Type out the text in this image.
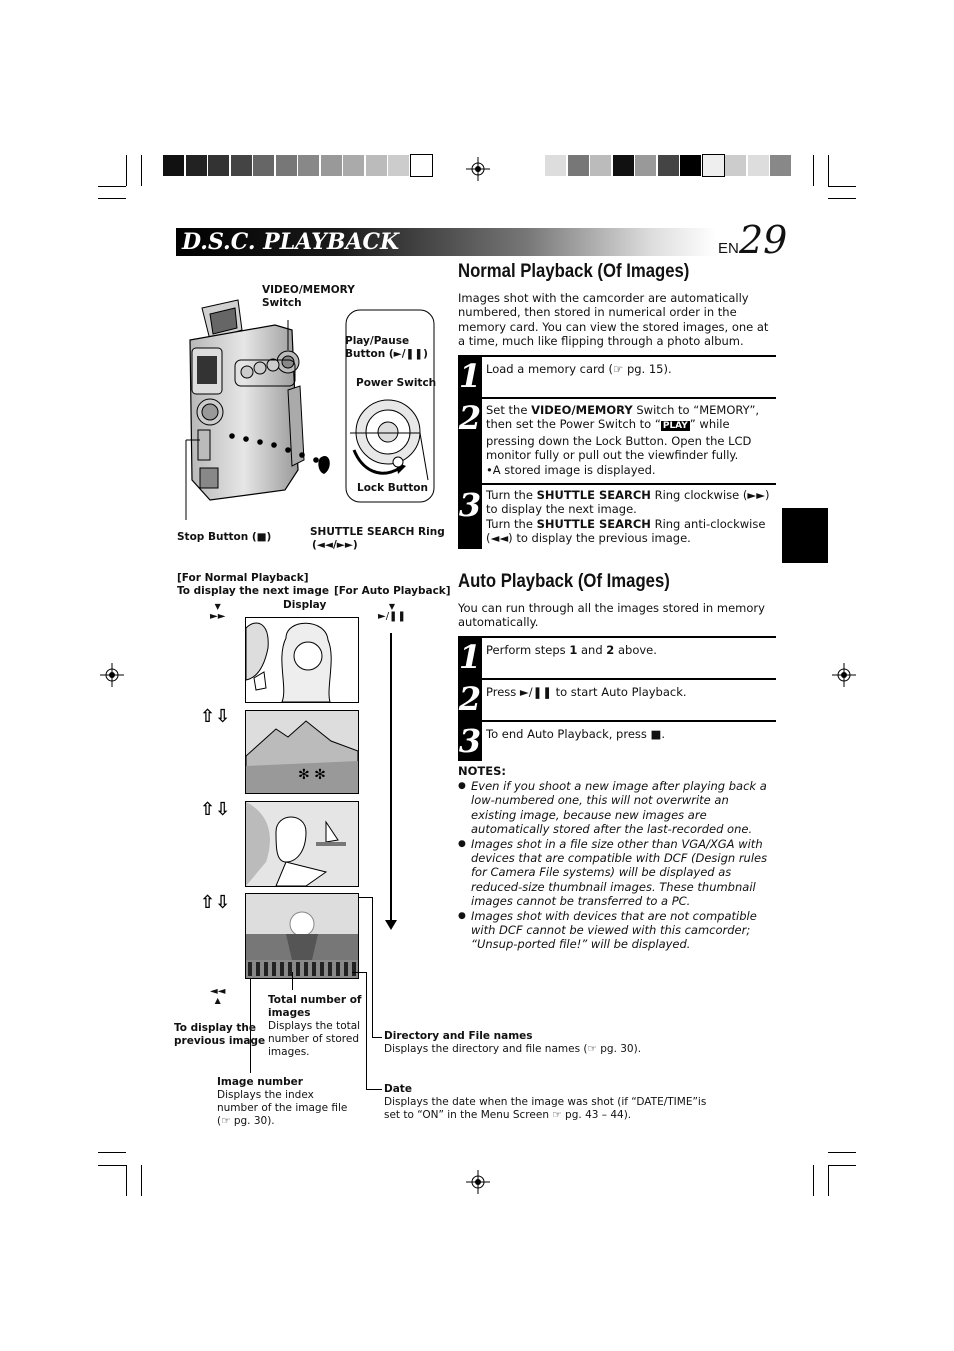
D.S.C. PLAYBACK	EN 29
VIDEO/MEMORY
Switch
Play/Pause
Button (►/❚❚)
Power Switch
Lock Button
Stop Button (■)	SHUTTLE SEARCH Ring
(◄◄/►►)
[For Normal Playback]
To display the next image
Display
[For Auto Playback]
▼
►►
▼
►/❚❚
✻ ✻
⇧⇩
⇧⇩
⇧⇩
◄◄
▲
To display the
previous image
Total number of images
Displays the total number of stored images.
Image number
Displays the index number of the image file (☞ pg. 30).
Directory and File names
Displays the directory and file names (☞ pg. 30).
Date
Displays the date when the image was shot (if “DATE/TIME”is set to “ON” in the Menu Screen ☞ pg. 43 – 44).
Normal Playback (Of Images)
Images shot with the camcorder are automatically numbered, then stored in numerical order in the memory card. You can view the stored images, one at a time, much like flipping through a photo album.
1 Load a memory card (☞ pg. 15).
2 Set the VIDEO/MEMORY Switch to “MEMORY”, then set the Power Switch to “ PLAY ” while pressing down the Lock Button. Open the LCD monitor fully or pull out the viewfinder fully.
•A stored image is displayed.
3 Turn the SHUTTLE SEARCH Ring clockwise (►►) to display the next image.
Turn the SHUTTLE SEARCH Ring anti-clockwise (◄◄) to display the previous image.
Auto Playback (Of Images)
You can run through all the images stored in memory automatically.
1 Perform steps 1 and 2 above.
2 Press ►/❚❚ to start Auto Playback.
3 To end Auto Playback, press ■.
NOTES:
● Even if you shoot a new image after playing back a low-numbered one, this will not overwrite an existing image, because new images are automatically stored after the last-recorded one.
● Images shot in a file size other than VGA/XGA with devices that are compatible with DCF (Design rules for Camera File systems) will be displayed as reduced-size thumbnail images. These thumbnail images cannot be transferred to a PC.
● Images shot with devices that are not compatible with DCF cannot be viewed with this camcorder; “Unsup-ported file!” will be displayed.
